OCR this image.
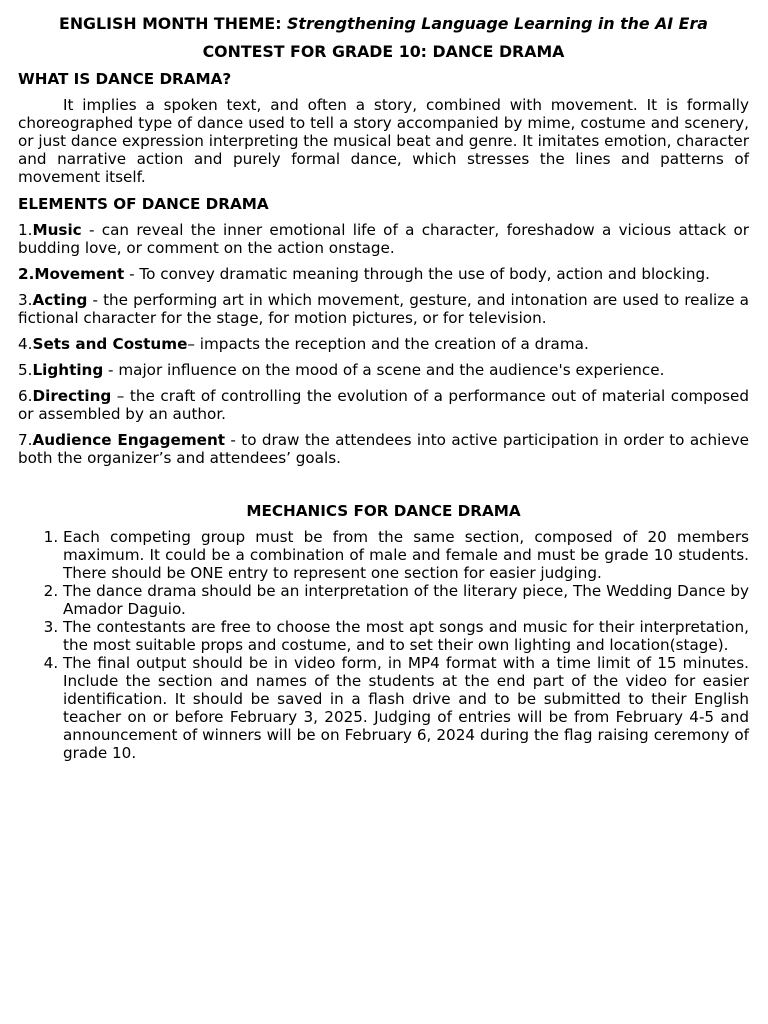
ENGLISH MONTH THEME: Strengthening Language Learning in the AI Era
CONTEST FOR GRADE 10: DANCE DRAMA
WHAT IS DANCE DRAMA?
It implies a spoken text, and often a story, combined with movement. It is formally choreographed type of dance used to tell a story accompanied by mime, costume and scenery, or just dance expression interpreting the musical beat and genre. It imitates emotion, character and narrative action and purely formal dance, which stresses the lines and patterns of movement itself.
ELEMENTS OF DANCE DRAMA
1.Music - can reveal the inner emotional life of a character, foreshadow a vicious attack or budding love, or comment on the action onstage.
2.Movement - To convey dramatic meaning through the use of body, action and blocking.
3.Acting - the performing art in which movement, gesture, and intonation are used to realize a fictional character for the stage, for motion pictures, or for television.
4.Sets and Costume– impacts the reception and the creation of a drama.
5.Lighting - major influence on the mood of a scene and the audience's experience.
6.Directing – the craft of controlling the evolution of a performance out of material composed or assembled by an author.
7.Audience Engagement - to draw the attendees into active participation in order to achieve both the organizer’s and attendees’ goals.
MECHANICS FOR DANCE DRAMA
1. Each competing group must be from the same section, composed of 20 members maximum. It could be a combination of male and female and must be grade 10 students. There should be ONE entry to represent one section for easier judging.
2. The dance drama should be an interpretation of the literary piece, The Wedding Dance by Amador Daguio.
3. The contestants are free to choose the most apt songs and music for their interpretation, the most suitable props and costume, and to set their own lighting and location(stage).
4. The final output should be in video form, in MP4 format with a time limit of 15 minutes. Include the section and names of the students at the end part of the video for easier identification. It should be saved in a flash drive and to be submitted to their English teacher on or before February 3, 2025. Judging of entries will be from February 4-5 and announcement of winners will be on February 6, 2024 during the flag raising ceremony of grade 10.
